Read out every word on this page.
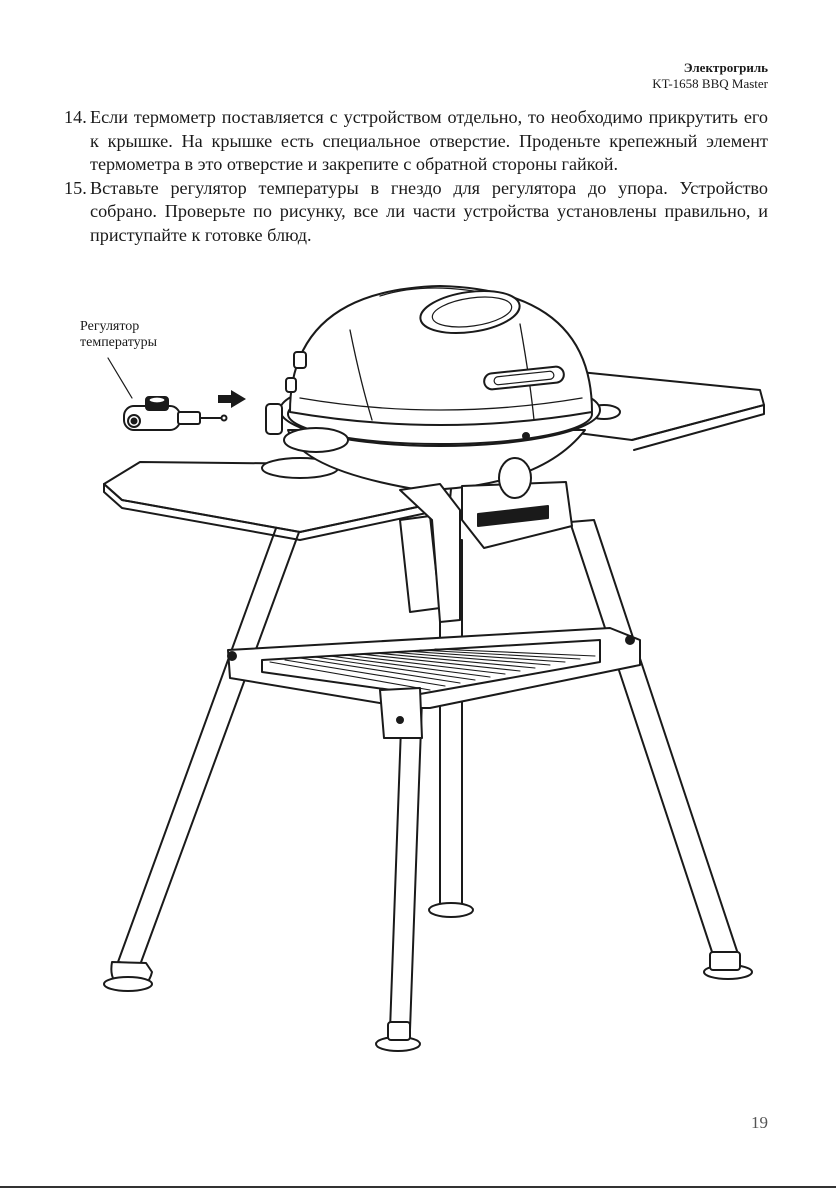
Электрогриль
KT-1658 BBQ Master
14. Если термометр поставляется с устройством отдельно, то необходимо прикрутить его к крышке. На крышке есть специальное отверстие. Проденьте крепежный элемент термометра в это отверстие и закрепите с обратной стороны гайкой.
15. Вставьте регулятор температуры в гнездо для регулятора до упора. Устройство собрано. Проверьте по рисунку, все ли части устройства установлены правильно, и приступайте к готовке блюд.
Регулятор
температуры
19
